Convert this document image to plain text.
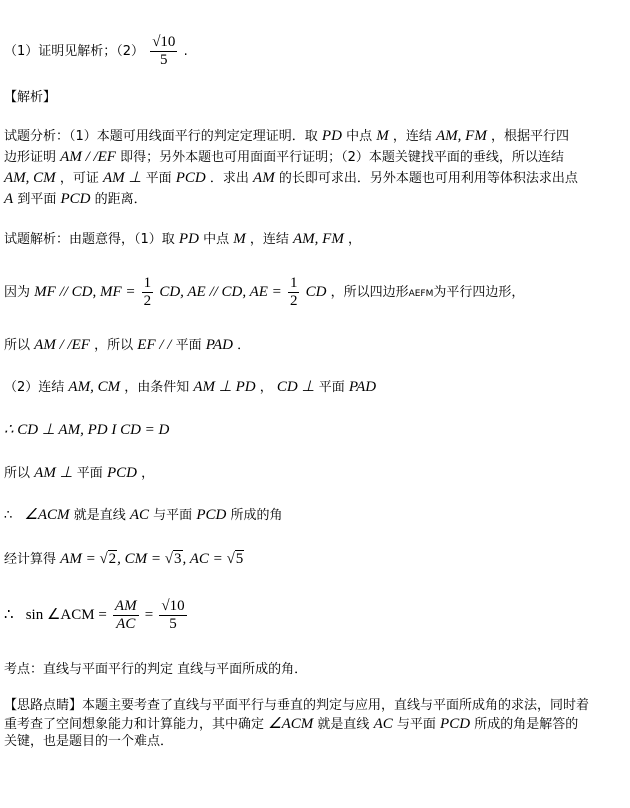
（1）证明见解析；$(2) \frac{√10}{5}$ .
【解析】
试题分析：（1）本题可用线面平行的判定定理证明．取 PD 中点 M ，连结 AM, FM ，根据平行四
边形证明 AM / /EF 即得；另外本题也可用面面平行证明；（2）本题关键找平面的垂线，所以连结
AM, CM ，可证 AM ⊥ 平面 PCD ．求出 AM 的长即可求出．另外本题也可用利用等体积法求出点
A 到平面 PCD 的距离．
试题解析：由题意得，（1）取 PD 中点 M ，连结 AM, FM ，
因为 MF // CD, MF = $\frac{1}{2}$ CD, AE // CD, AE = $\frac{1}{2}$ CD ，所以四边形AEFM为平行四边形，
所以 AM / /EF ，所以 EF / / 平面 PAD ．
（2）连结 AM, CM ，由条件知 AM ⊥ PD ， CD ⊥ 平面 PAD
∴ CD ⊥ AM, PD I CD = D
所以 AM ⊥ 平面 PCD ，
∴ ∠ACM 就是直线 AC 与平面 PCD 所成的角
经计算得 AM = √2, CM = √3, AC = √5
∴ sin ∠ACM = $\frac{AM}{AC} = \frac{√10}{5}$
考点：直线与平面平行的判定 直线与平面所成的角．
【思路点睛】本题主要考查了直线与平面平行与垂直的判定与应用，直线与平面所成角的求法，同时着
重考查了空间想象能力和计算能力，其中确定 ∠ACM 就是直线 AC 与平面 PCD 所成的角是解答的
关键，也是题目的一个难点．
